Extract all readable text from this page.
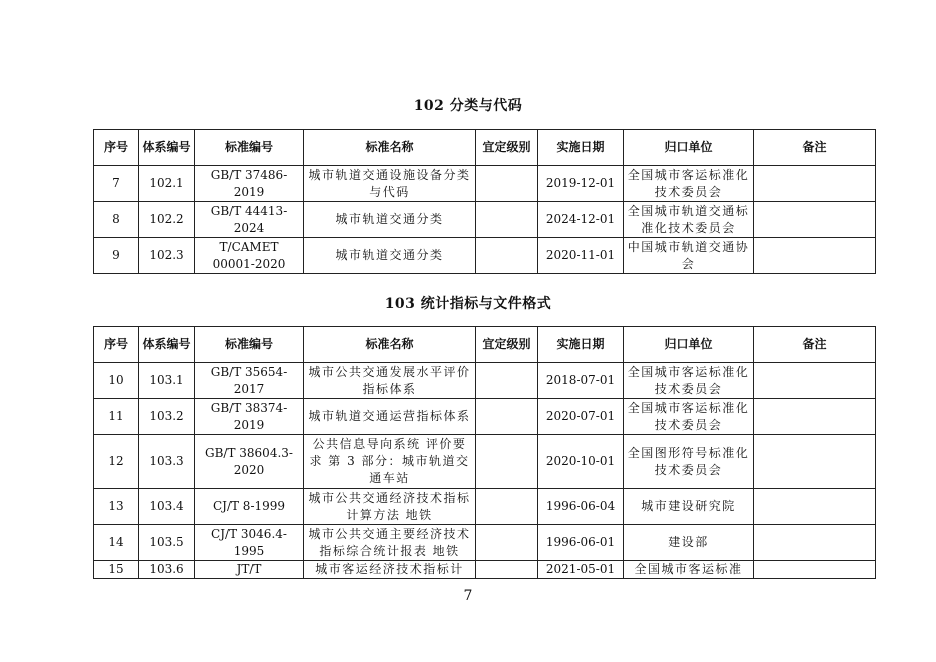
102 分类与代码
序号	体系编号	标准编号	标准名称	宜定级别	实施日期	归口单位	备注
7	102.1	GB/T 37486-2019	城市轨道交通设施设备分类与代码		2019-12-01	全国城市客运标准化技术委员会	
8	102.2	GB/T 44413-2024	城市轨道交通分类		2024-12-01	全国城市轨道交通标准化技术委员会	
9	102.3	T/CAMET 00001-2020	城市轨道交通分类		2020-11-01	中国城市轨道交通协会	
103 统计指标与文件格式
序号	体系编号	标准编号	标准名称	宜定级别	实施日期	归口单位	备注
10	103.1	GB/T 35654-2017	城市公共交通发展水平评价指标体系		2018-07-01	全国城市客运标准化技术委员会	
11	103.2	GB/T 38374-2019	城市轨道交通运营指标体系		2020-07-01	全国城市客运标准化技术委员会	
12	103.3	GB/T 38604.3-2020	公共信息导向系统 评价要求 第 3 部分：城市轨道交通车站		2020-10-01	全国图形符号标准化技术委员会	
13	103.4	CJ/T 8-1999	城市公共交通经济技术指标计算方法 地铁		1996-06-04	城市建设研究院	
14	103.5	CJ/T 3046.4-1995	城市公共交通主要经济技术指标综合统计报表 地铁		1996-06-01	建设部	
15	103.6	JT/T	城市客运经济技术指标计		2021-05-01	全国城市客运标准	
7
